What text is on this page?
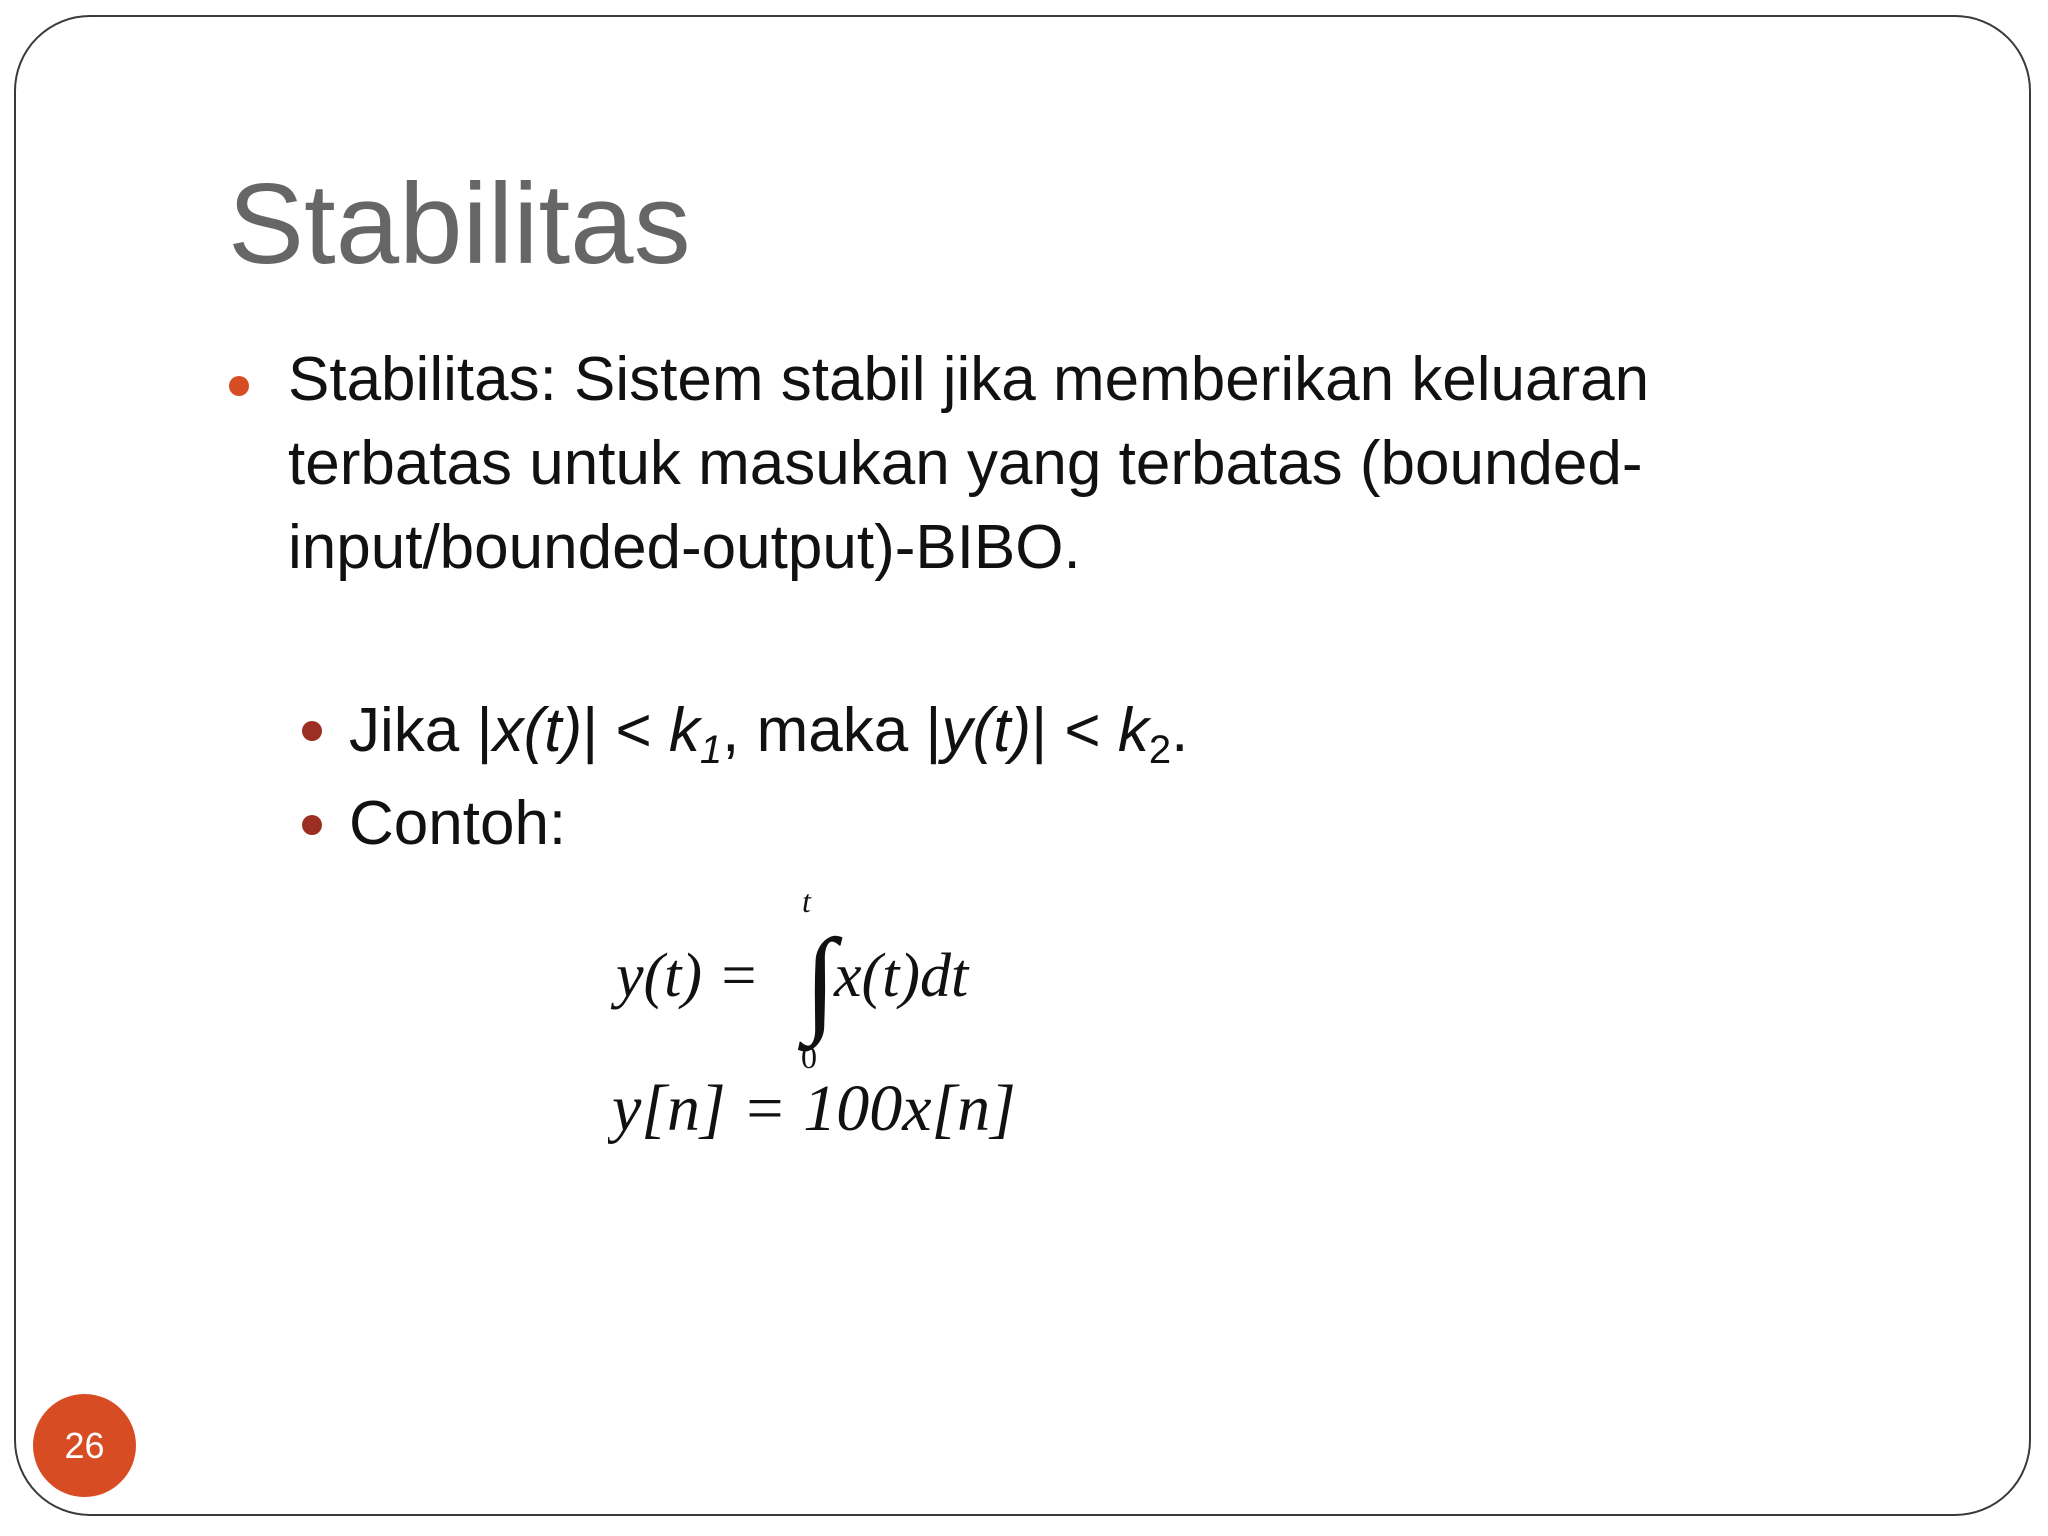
Stabilitas

Stabilitas: Sistem stabil jika memberikan keluaran terbatas untuk masukan yang terbatas (bounded-input/bounded-output)-BIBO.

Jika $|x(t)| < k_1$, maka $|y(t)| < k_2$.

Contoh:

y(t) = ∫
t
0
x(t)dt
y[n] = 100x[n]
26
